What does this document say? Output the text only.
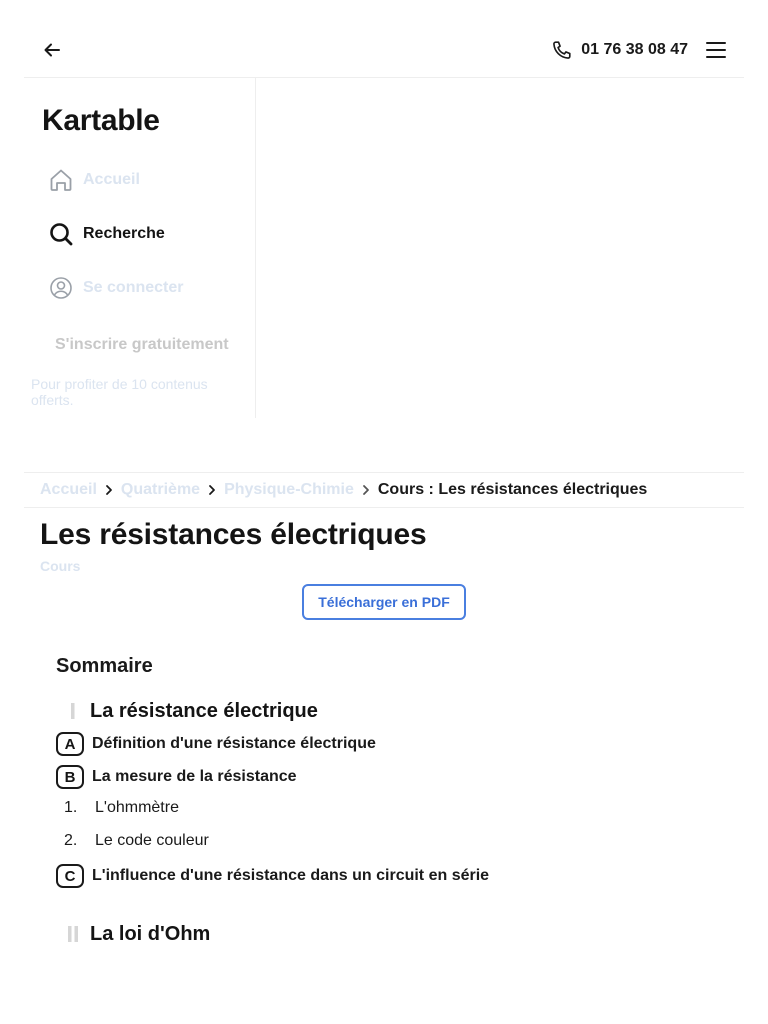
01 76 38 08 47
Kartable
Accueil
Recherche
Se connecter
S'inscrire gratuitement
Pour profiter de 10 contenus offerts.
Accueil Quatrième Physique-Chimie Cours : Les résistances électriques
Les résistances électriques
Cours
Télécharger en PDF
Sommaire
La résistance électrique
A	Définition d'une résistance électrique
B	La mesure de la résistance
1.	L'ohmmètre
2.	Le code couleur
C	L'influence d'une résistance dans un circuit en série
La loi d'Ohm
